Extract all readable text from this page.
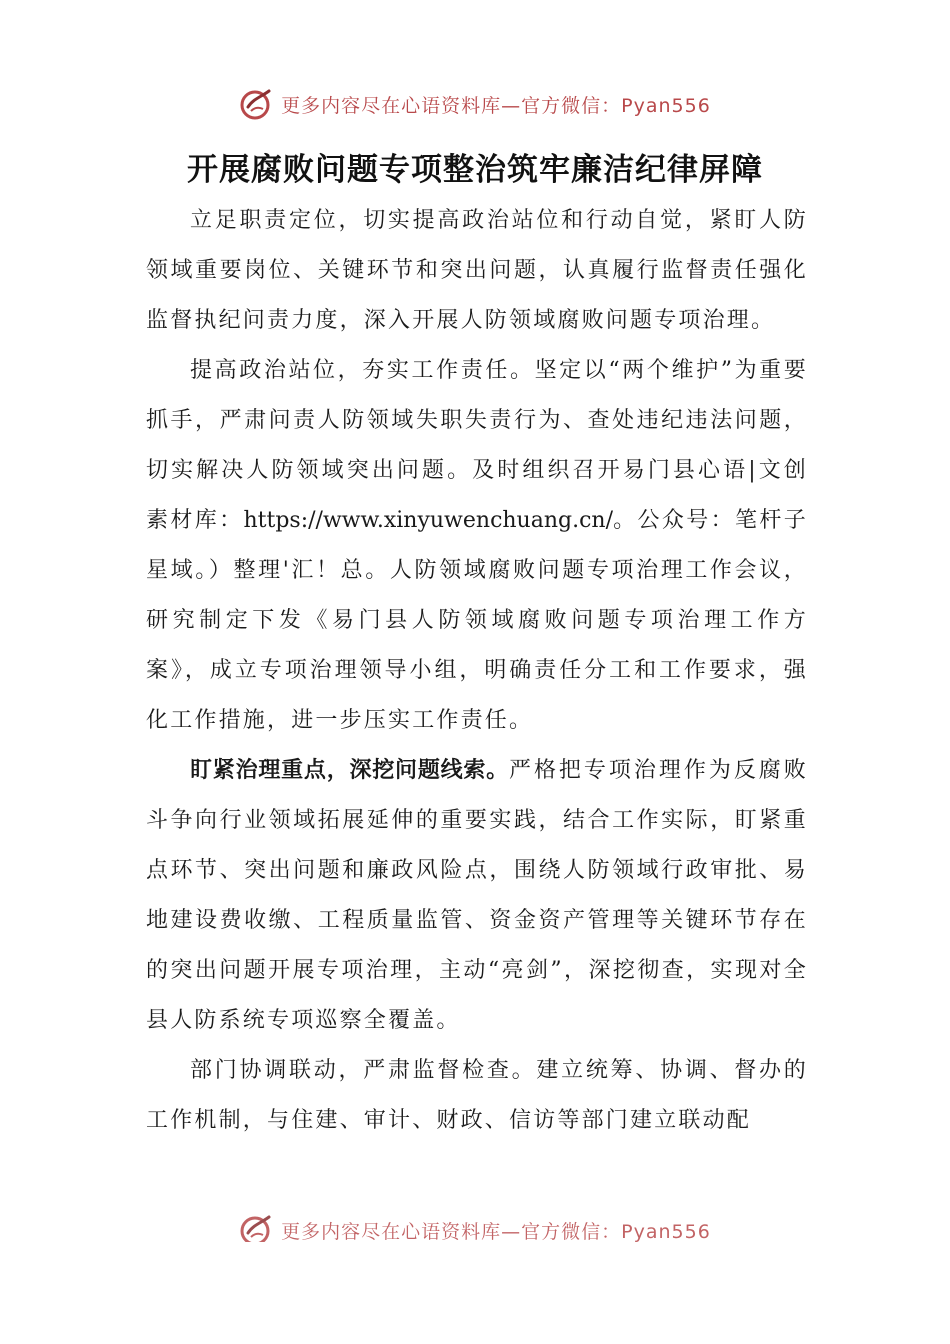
更多内容尽在心语资料库—官方微信：Pyan556
开展腐败问题专项整治筑牢廉洁纪律屏障

立足职责定位，切实提高政治站位和行动自觉，紧盯人防领域重要岗位、关键环节和突出问题，认真履行监督责任强化监督执纪问责力度，深入开展人防领域腐败问题专项治理。

提高政治站位，夯实工作责任。坚定以“两个维护”为重要抓手，严肃问责人防领域失职失责行为、查处违纪违法问题，切实解决人防领域突出问题。及时组织召开易门县心语|文创素材库：https://www.xinyuwenchuang.cn/。公众号：笔杆子星域。）整理'汇！总。人防领域腐败问题专项治理工作会议，研究制定下发《易门县人防领域腐败问题专项治理工作方案》，成立专项治理领导小组，明确责任分工和工作要求，强化工作措施，进一步压实工作责任。

盯紧治理重点，深挖问题线索。严格把专项治理作为反腐败斗争向行业领域拓展延伸的重要实践，结合工作实际，盯紧重点环节、突出问题和廉政风险点，围绕人防领域行政审批、易地建设费收缴、工程质量监管、资金资产管理等关键环节存在的突出问题开展专项治理，主动“亮剑”，深挖彻查，实现对全县人防系统专项巡察全覆盖。

部门协调联动，严肃监督检查。建立统筹、协调、督办的工作机制，与住建、审计、财政、信访等部门建立联动配

更多内容尽在心语资料库—官方微信：Pyan556
